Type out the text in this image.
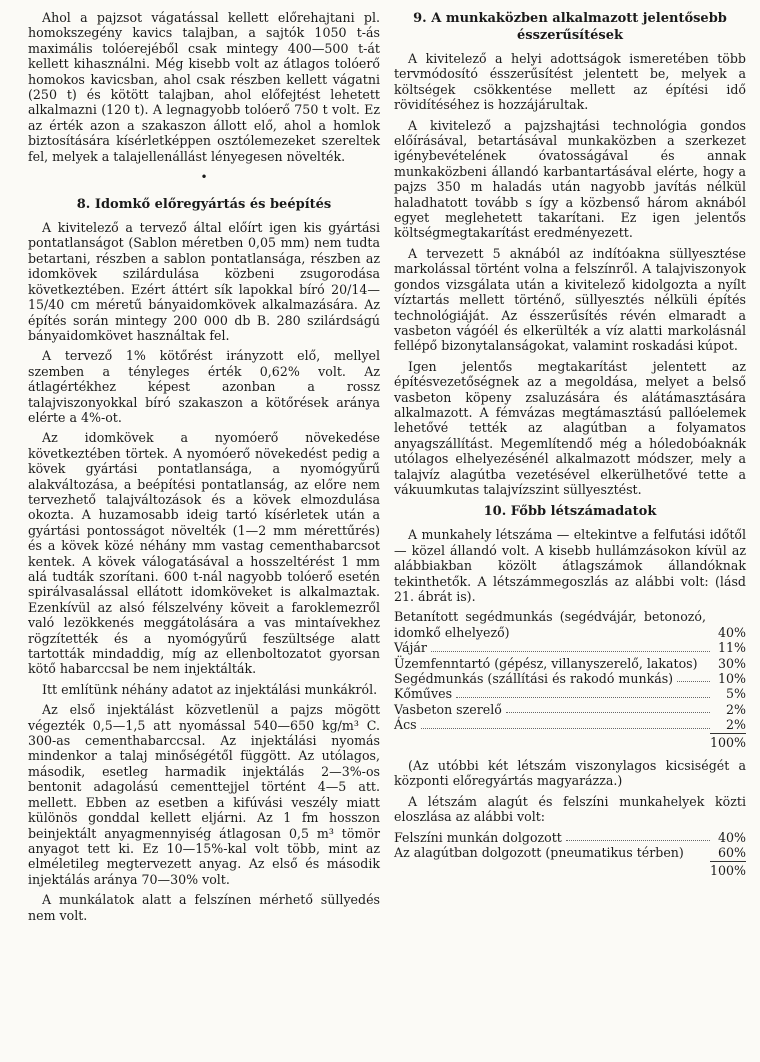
Ahol a pajzsot vágatással kellett előrehajtani pl. homokszegény kavics talajban, a sajtók 1050 t-ás maximális tolóerejéből csak mintegy 400—500 t-át kellett kihasználni. Még kisebb volt az átlagos tolóerő homokos kavicsban, ahol csak részben kellett vágatni (250 t) és kötött talajban, ahol előfejtést lehetett alkalmazni (120 t). A legnagyobb tolóerő 750 t volt. Ez az érték azon a szakaszon állott elő, ahol a homlok biztosítására kísérletképpen osztólemezeket szereltek fel, melyek a talajellenállást lényegesen növelték.

•
8. Idomkő előregyártás és beépítés

A kivitelező a tervező által előírt igen kis gyártási pontatlanságot (Sablon méretben 0,05 mm) nem tudta betartani, részben a sablon pontatlansága, részben az idomkövek szilárdulása közbeni zsugorodása következtében. Ezért áttért sík lapokkal bíró 20/14—15/40 cm méretű bányaidomkövek alkalmazására. Az építés során mintegy 200 000 db B. 280 szilárdságú bányaidomkövet használtak fel.

A tervező 1% kötőrést irányzott elő, mellyel szemben a tényleges érték 0,62% volt. Az átlagértékhez képest azonban a rossz talajviszonyokkal bíró szakaszon a kötőrések aránya elérte a 4%-ot.

Az idomkövek a nyomóerő növekedése következtében törtek. A nyomóerő növekedést pedig a kövek gyártási pontatlansága, a nyomógyűrű alakváltozása, a beépítési pontatlanság, az előre nem tervezhető talajváltozások és a kövek elmozdulása okozta. A huzamosabb ideig tartó kísérletek után a gyártási pontosságot növelték (1—2 mm mérettűrés) és a kövek közé néhány mm vastag cementhabarcsot kentek. A kövek válogatásával a hosszeltérést 1 mm alá tudták szorítani. 600 t-nál nagyobb tolóerő esetén spirálvasalással ellátott idomköveket is alkalmaztak. Ezenkívül az alsó félszelvény köveit a faroklemezről való lezökkenés meggátolására a vas mintaívekhez rögzítették és a nyomógyűrű feszültsége alatt tartották mindaddig, míg az ellenboltozatot gyorsan kötő habarccsal be nem injektálták.

Itt említünk néhány adatot az injektálási munkákról.

Az első injektálást közvetlenül a pajzs mögött végezték 0,5—1,5 att nyomással 540—650 kg/m³ C. 300-as cementhabarccsal. Az injektálási nyomás mindenkor a talaj minőségétől függött. Az utólagos, második, esetleg harmadik injektálás 2—3%-os bentonit adagolású cementtejjel történt 4—5 att. mellett. Ebben az esetben a kifúvási veszély miatt különös gonddal kellett eljárni. Az 1 fm hosszon beinjektált anyagmennyiség átlagosan 0,5 m³ tömör anyagot tett ki. Ez 10—15%-kal volt több, mint az elméletileg megtervezett anyag. Az első és második injektálás aránya 70—30% volt.

A munkálatok alatt a felszínen mérhető süllyedés nem volt.

9. A munkaközben alkalmazott jelentősebb
ésszerűsítések

A kivitelező a helyi adottságok ismeretében több tervmódosító ésszerűsítést jelentett be, melyek a költségek csökkentése mellett az építési idő rövidítéséhez is hozzájárultak.

A kivitelező a pajzshajtási technológia gondos előírásával, betartásával munkaközben a szerkezet igénybevételének óvatosságával és annak munkaközbeni állandó karbantartásával elérte, hogy a pajzs 350 m haladás után nagyobb javítás nélkül haladhatott tovább s így a közbenső három aknából egyet meglehetett takarítani. Ez igen jelentős költségmegtakarítást eredményezett.

A tervezett 5 aknából az indítóakna süllyesztése markolással történt volna a felszínről. A talajviszonyok gondos vizsgálata után a kivitelező kidolgozta a nyílt víztartás mellett történő, süllyesztés nélküli építés technológiáját. Az ésszerűsítés révén elmaradt a vasbeton vágóél és elkerülték a víz alatti markolásnál fellépő bizonytalanságokat, valamint roskadási kúpot.

Igen jelentős megtakarítást jelentett az építésvezetőségnek az a megoldása, melyet a belső vasbeton köpeny zsaluzására és alátámasztására alkalmazott. A fémvázas megtámasztású pallóelemek lehetővé tették az alagútban a folyamatos anyagszállítást. Megemlítendő még a hóledobóaknák utólagos elhelyezésénél alkalmazott módszer, mely a talajvíz alagútba vezetésével elkerülhetővé tette a vákuumkutas talajvízszint süllyesztést.

10. Főbb létszámadatok

A munkahely létszáma — eltekintve a felfutási időtől — közel állandó volt. A kisebb hullámzásokon kívül az alábbiakban közölt átlagszámok állandóknak tekinthetők. A létszámmegoszlás az alábbi volt: (lásd 21. ábrát is).

Betanított segédmunkás (segédvájár, betonozó, idomkő elhelyező)	40%
Vájár	11%
Üzemfenntartó (gépész, villanyszerelő, lakatos)	30%
Segédmunkás (szállítási és rakodó munkás)	10%
Kőműves	5%
Vasbeton szerelő	2%
Ács	2%
100%

(Az utóbbi két létszám viszonylagos kicsiségét a központi előregyártás magyarázza.)

A létszám alagút és felszíni munkahelyek közti eloszlása az alábbi volt:

Felszíni munkán dolgozott	40%
Az alagútban dolgozott (pneumatikus térben)	60%
100%
